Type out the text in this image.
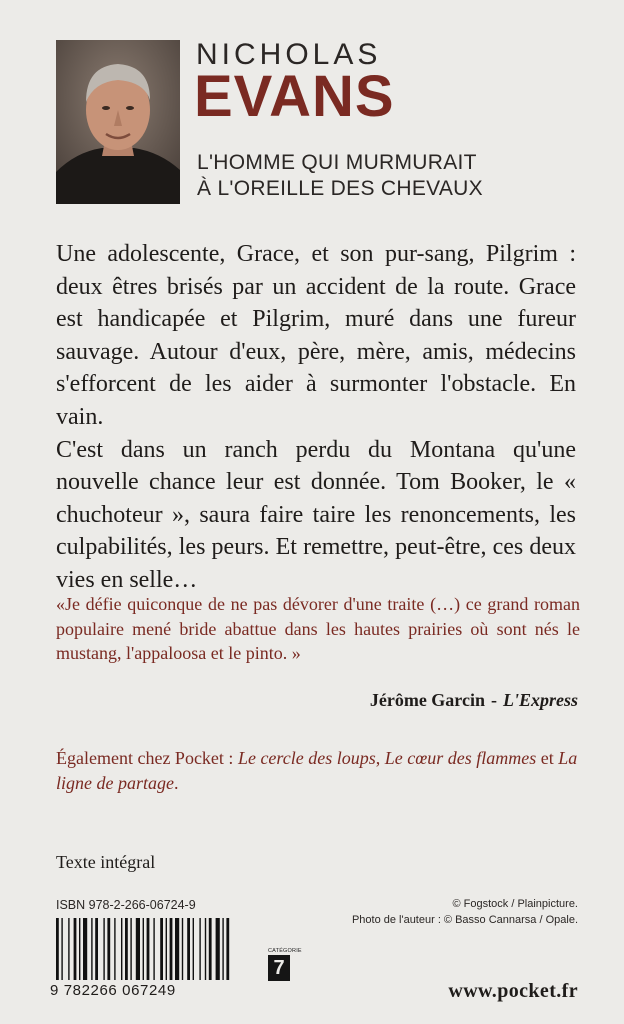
NICHOLAS
EVANS
L'HOMME QUI MURMURAIT
À L'OREILLE DES CHEVAUX

Une adolescente, Grace, et son pur-sang, Pilgrim : deux êtres brisés par un accident de la route. Grace est handicapée et Pilgrim, muré dans une fureur sauvage. Autour d'eux, père, mère, amis, médecins s'efforcent de les aider à surmonter l'obstacle. En vain.

C'est dans un ranch perdu du Montana qu'une nouvelle chance leur est donnée. Tom Booker, le « chuchoteur », saura faire taire les renoncements, les culpabilités, les peurs. Et remettre, peut-être, ces deux vies en selle…

«Je défie quiconque de ne pas dévorer d'une traite (…) ce grand roman populaire mené bride abattue dans les hautes prairies où sont nés le mustang, l'appaloosa et le pinto. »
Jérôme Garcin - L'Express
Également chez Pocket : Le cercle des loups, Le cœur des flammes et La ligne de partage.
Texte intégral
ISBN 978-2-266-06724-9	© Fogstock / Plainpicture.
Photo de l'auteur : © Basso Cannarsa / Opale.
9 782266 067249
CATÉGORIE
7
www.pocket.fr
